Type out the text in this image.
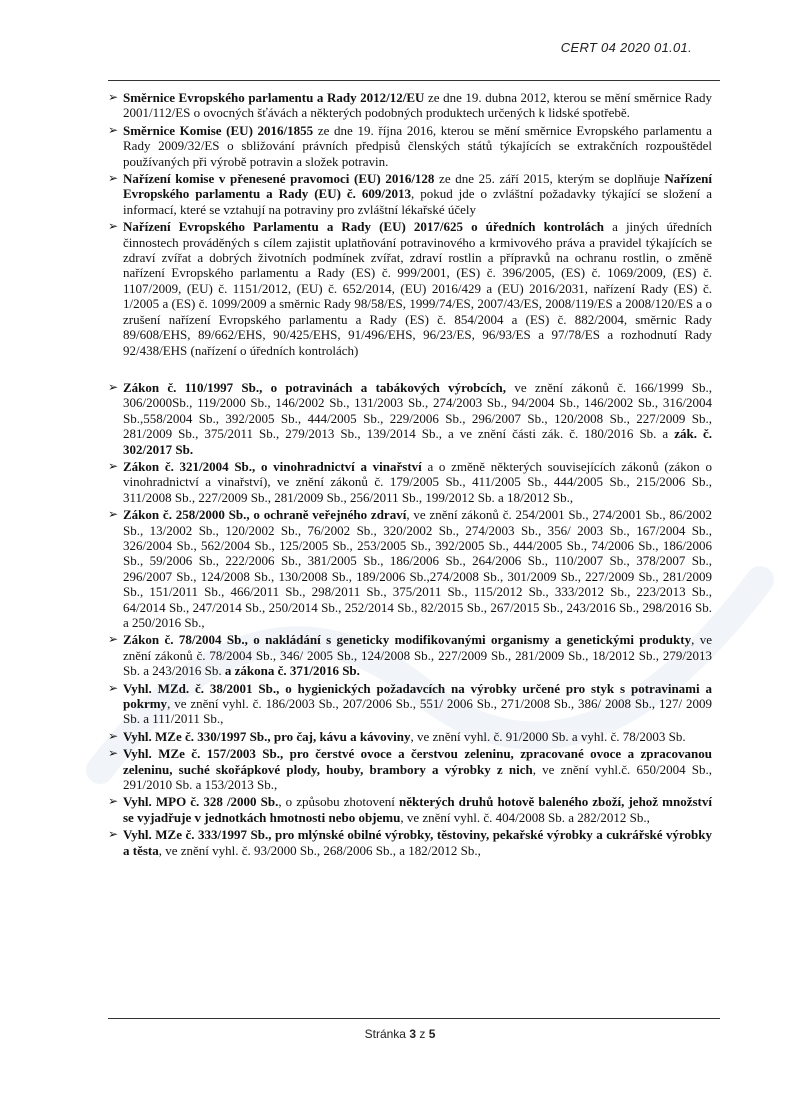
CERT 04 2020 01.01.
➢ Směrnice Evropského parlamentu a Rady 2012/12/EU ze dne 19. dubna 2012, kterou se mění směrnice Rady 2001/112/ES o ovocných šťávách a některých podobných produktech určených k lidské spotřebě.
➢ Směrnice Komise (EU) 2016/1855 ze dne 19. října 2016, kterou se mění směrnice Evropského parlamentu a Rady 2009/32/ES o sbližování právních předpisů členských států týkajících se extrakčních rozpouštědel používaných při výrobě potravin a složek potravin.
➢ Nařízení komise v přenesené pravomoci (EU) 2016/128 ze dne 25. září 2015, kterým se doplňuje Nařízení Evropského parlamentu a Rady (EU) č. 609/2013, pokud jde o zvláštní požadavky týkající se složení a informací, které se vztahují na potraviny pro zvláštní lékařské účely
➢ Nařízení Evropského Parlamentu a Rady (EU) 2017/625 o úředních kontrolách a jiných úředních činnostech prováděných s cílem zajistit uplatňování potravinového a krmivového práva a pravidel týkajících se zdraví zvířat a dobrých životních podmínek zvířat, zdraví rostlin a přípravků na ochranu rostlin, o změně nařízení Evropského parlamentu a Rady (ES) č. 999/2001, (ES) č. 396/2005, (ES) č. 1069/2009, (ES) č. 1107/2009, (EU) č. 1151/2012, (EU) č. 652/2014, (EU) 2016/429 a (EU) 2016/2031, nařízení Rady (ES) č. 1/2005 a (ES) č. 1099/2009 a směrnic Rady 98/58/ES, 1999/74/ES, 2007/43/ES, 2008/119/ES a 2008/120/ES a o zrušení nařízení Evropského parlamentu a Rady (ES) č. 854/2004 a (ES) č. 882/2004, směrnic Rady 89/608/EHS, 89/662/EHS, 90/425/EHS, 91/496/EHS, 96/23/ES, 96/93/ES a 97/78/ES a rozhodnutí Rady 92/438/EHS (nařízení o úředních kontrolách)
➢ Zákon č. 110/1997 Sb., o potravinách a tabákových výrobcích, ve znění zákonů č. 166/1999 Sb., 306/2000Sb., 119/2000 Sb., 146/2002 Sb., 131/2003 Sb., 274/2003 Sb., 94/2004 Sb., 146/2002 Sb., 316/2004 Sb.,558/2004 Sb., 392/2005 Sb., 444/2005 Sb., 229/2006 Sb., 296/2007 Sb., 120/2008 Sb., 227/2009 Sb., 281/2009 Sb., 375/2011 Sb., 279/2013 Sb., 139/2014 Sb., a ve znění části zák. č. 180/2016 Sb. a zák. č. 302/2017 Sb.
➢ Zákon č. 321/2004 Sb., o vinohradnictví a vinařství a o změně některých souvisejících zákonů (zákon o vinohradnictví a vinařství), ve znění zákonů č. 179/2005 Sb., 411/2005 Sb., 444/2005 Sb., 215/2006 Sb., 311/2008 Sb., 227/2009 Sb., 281/2009 Sb., 256/2011 Sb., 199/2012 Sb. a 18/2012 Sb.,
➢ Zákon č. 258/2000 Sb., o ochraně veřejného zdraví, ve znění zákonů č. 254/2001 Sb., 274/2001 Sb., 86/2002 Sb., 13/2002 Sb., 120/2002 Sb., 76/2002 Sb., 320/2002 Sb., 274/2003 Sb., 356/ 2003 Sb., 167/2004 Sb., 326/2004 Sb., 562/2004 Sb., 125/2005 Sb., 253/2005 Sb., 392/2005 Sb., 444/2005 Sb., 74/2006 Sb., 186/2006 Sb., 59/2006 Sb., 222/2006 Sb., 381/2005 Sb., 186/2006 Sb., 264/2006 Sb., 110/2007 Sb., 378/2007 Sb., 296/2007 Sb., 124/2008 Sb., 130/2008 Sb., 189/2006 Sb.,274/2008 Sb., 301/2009 Sb., 227/2009 Sb., 281/2009 Sb., 151/2011 Sb., 466/2011 Sb., 298/2011 Sb., 375/2011 Sb., 115/2012 Sb., 333/2012 Sb., 223/2013 Sb., 64/2014 Sb., 247/2014 Sb., 250/2014 Sb., 252/2014 Sb., 82/2015 Sb., 267/2015 Sb., 243/2016 Sb., 298/2016 Sb. a 250/2016 Sb.,
➢ Zákon č. 78/2004 Sb., o nakládání s geneticky modifikovanými organismy a genetickými produkty, ve znění zákonů č. 78/2004 Sb., 346/ 2005 Sb., 124/2008 Sb., 227/2009 Sb., 281/2009 Sb., 18/2012 Sb., 279/2013 Sb. a 243/2016 Sb. a zákona č. 371/2016 Sb.
➢ Vyhl. MZd. č. 38/2001 Sb., o hygienických požadavcích na výrobky určené pro styk s potravinami a pokrmy, ve znění vyhl. č. 186/2003 Sb., 207/2006 Sb., 551/ 2006 Sb., 271/2008 Sb., 386/ 2008 Sb., 127/ 2009 Sb. a 111/2011 Sb.,
➢ Vyhl. MZe č. 330/1997 Sb., pro čaj, kávu a kávoviny, ve znění vyhl. č. 91/2000 Sb. a vyhl. č. 78/2003 Sb.
➢ Vyhl. MZe č. 157/2003 Sb., pro čerstvé ovoce a čerstvou zeleninu, zpracované ovoce a zpracovanou zeleninu, suché skořápkové plody, houby, brambory a výrobky z nich, ve znění vyhl.č. 650/2004 Sb., 291/2010 Sb. a 153/2013 Sb.,
➢ Vyhl. MPO č. 328 /2000 Sb., o způsobu zhotovení některých druhů hotově baleného zboží, jehož množství se vyjadřuje v jednotkách hmotnosti nebo objemu, ve znění vyhl. č. 404/2008 Sb. a 282/2012 Sb.,
➢ Vyhl. MZe č. 333/1997 Sb., pro mlýnské obilné výrobky, těstoviny, pekařské výrobky a cukrářské výrobky a těsta, ve znění vyhl. č. 93/2000 Sb., 268/2006 Sb., a 182/2012 Sb.,
Stránka 3 z 5
